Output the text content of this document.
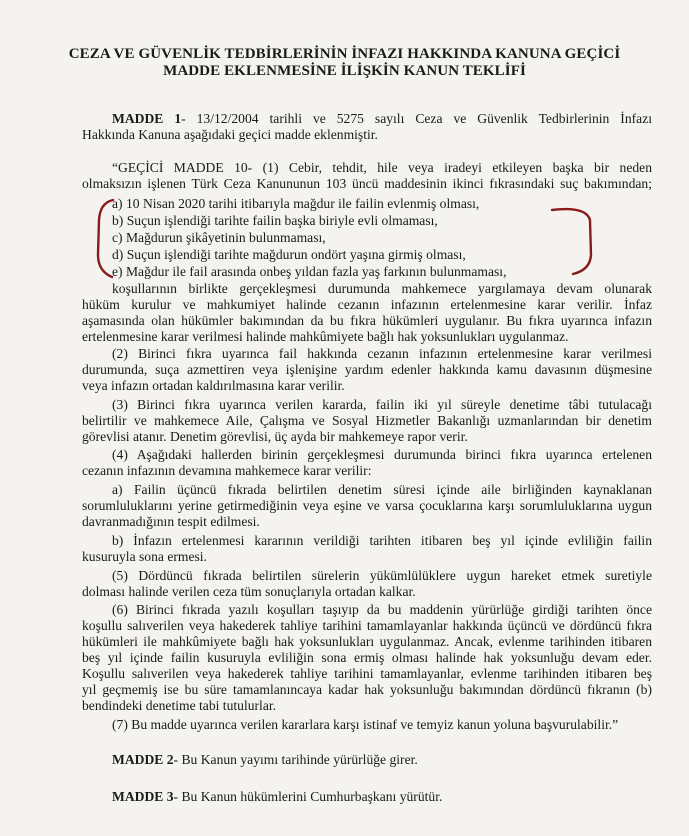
CEZA VE GÜVENLİK TEDBİRLERİNİN İNFAZI HAKKINDA KANUNA GEÇİCİ
MADDE EKLENMESİNE İLİŞKİN KANUN TEKLİFİ
MADDE 1- 13/12/2004 tarihli ve 5275 sayılı Ceza ve Güvenlik Tedbirlerinin İnfazı
Hakkında Kanuna aşağıdaki geçici madde eklenmiştir.
“GEÇİCİ MADDE 10- (1) Cebir, tehdit, hile veya iradeyi etkileyen başka bir neden
olmaksızın işlenen Türk Ceza Kanununun 103 üncü maddesinin ikinci fıkrasındaki suç bakımından;
a) 10 Nisan 2020 tarihi itibarıyla mağdur ile failin evlenmiş olması,
b) Suçun işlendiği tarihte failin başka biriyle evli olmaması,
c) Mağdurun şikâyetinin bulunmaması,
d) Suçun işlendiği tarihte mağdurun ondört yaşına girmiş olması,
e) Mağdur ile fail arasında onbeş yıldan fazla yaş farkının bulunmaması,
koşullarının birlikte gerçekleşmesi durumunda mahkemece yargılamaya devam olunarak
hüküm kurulur ve mahkumiyet halinde cezanın infazının ertelenmesine karar verilir. İnfaz
aşamasında olan hükümler bakımından da bu fıkra hükümleri uygulanır. Bu fıkra uyarınca infazın
ertelenmesine karar verilmesi halinde mahkûmiyete bağlı hak yoksunlukları uygulanmaz.
(2) Birinci fıkra uyarınca fail hakkında cezanın infazının ertelenmesine karar verilmesi
durumunda, suça azmettiren veya işlenişine yardım edenler hakkında kamu davasının düşmesine
veya infazın ortadan kaldırılmasına karar verilir.
(3) Birinci fıkra uyarınca verilen kararda, failin iki yıl süreyle denetime tâbi tutulacağı
belirtilir ve mahkemece Aile, Çalışma ve Sosyal Hizmetler Bakanlığı uzmanlarından bir denetim
görevlisi atanır. Denetim görevlisi, üç ayda bir mahkemeye rapor verir.
(4) Aşağıdaki hallerden birinin gerçekleşmesi durumunda birinci fıkra uyarınca ertelenen
cezanın infazının devamına mahkemece karar verilir:
a) Failin üçüncü fıkrada belirtilen denetim süresi içinde aile birliğinden kaynaklanan
sorumluluklarını yerine getirmediğinin veya eşine ve varsa çocuklarına karşı sorumluluklarına uygun
davranmadığının tespit edilmesi.
b) İnfazın ertelenmesi kararının verildiği tarihten itibaren beş yıl içinde evliliğin failin
kusuruyla sona ermesi.
(5) Dördüncü fıkrada belirtilen sürelerin yükümlülüklere uygun hareket etmek suretiyle
dolması halinde verilen ceza tüm sonuçlarıyla ortadan kalkar.
(6) Birinci fıkrada yazılı koşulları taşıyıp da bu maddenin yürürlüğe girdiği tarihten önce
koşullu salıverilen veya hakederek tahliye tarihini tamamlayanlar hakkında üçüncü ve dördüncü fıkra
hükümleri ile mahkûmiyete bağlı hak yoksunlukları uygulanmaz. Ancak, evlenme tarihinden itibaren
beş yıl içinde failin kusuruyla evliliğin sona ermiş olması halinde hak yoksunluğu devam eder.
Koşullu salıverilen veya hakederek tahliye tarihini tamamlayanlar, evlenme tarihinden itibaren beş
yıl geçmemiş ise bu süre tamamlanıncaya kadar hak yoksunluğu bakımından dördüncü fıkranın (b)
bendindeki denetime tabi tutulurlar.
(7) Bu madde uyarınca verilen kararlara karşı istinaf ve temyiz kanun yoluna başvurulabilir.”
MADDE 2- Bu Kanun yayımı tarihinde yürürlüğe girer.
MADDE 3- Bu Kanun hükümlerini Cumhurbaşkanı yürütür.
